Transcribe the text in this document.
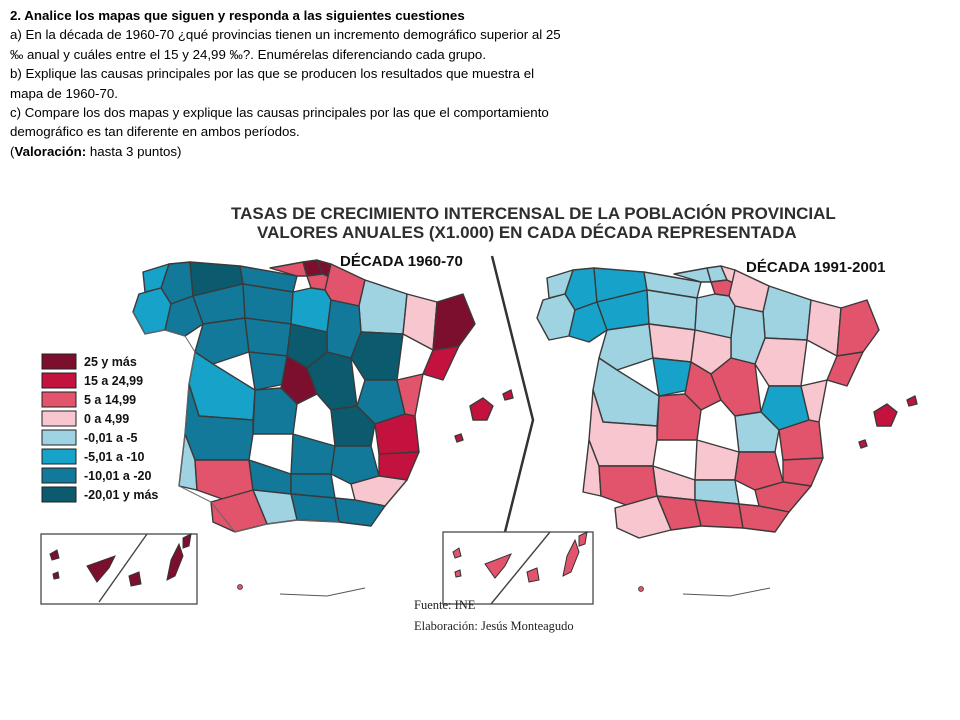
2. Analice los mapas que siguen y responda a las siguientes cuestiones

a) En la década de 1960-70 ¿qué provincias tienen un incremento demográfico superior al 25

‰ anual y cuáles entre el 15 y 24,99 ‰?. Enumérelas diferenciando cada grupo.

b) Explique las causas principales por las que se producen los resultados que muestra el

mapa de 1960-70.

c) Compare los dos mapas y explique las causas principales por las que el comportamiento

demográfico es tan diferente en ambos períodos.

(Valoración: hasta 3 puntos)

TASAS DE CRECIMIENTO INTERCENSAL DE LA POBLACIÓN PROVINCIAL
VALORES ANUALES (X1.000) EN CADA DÉCADA REPRESENTADA
DÉCADA 1960-70	DÉCADA 1991-2001
25 y más
15 a 24,99
5 a 14,99
0 a 4,99
-0,01 a -5
-5,01 a -10
-10,01 a -20
-20,01 y más
Fuente: INE
Elaboración: Jesús Monteagudo
